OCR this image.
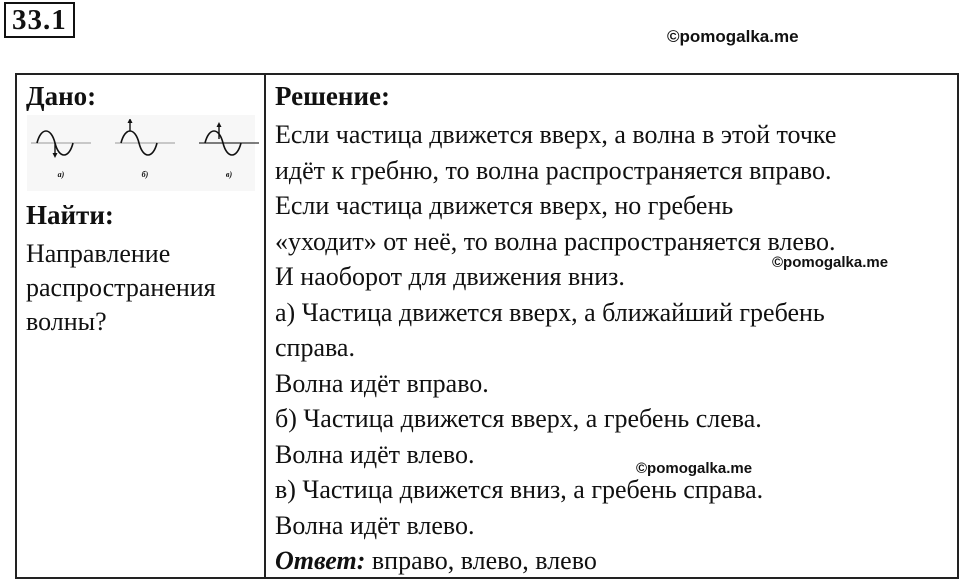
33.1
©pomogalka.me
Дано:
а)	б)	в)
Найти:
Направление
распространения
волны?
Решение:
Если частица движется вверх, а волна в этой точке
идёт к гребню, то волна распространяется вправо.
Если частица движется вверх, но гребень
«уходит» от неё, то волна распространяется влево.
И наоборот для движения вниз.
а) Частица движется вверх, а ближайший гребень
справа.
Волна идёт вправо.
б) Частица движется вверх, а гребень слева.
Волна идёт влево.
в) Частица движется вниз, а гребень справа.
Волна идёт влево.
Ответ: вправо, влево, влево
©pomogalka.me
©pomogalka.me
